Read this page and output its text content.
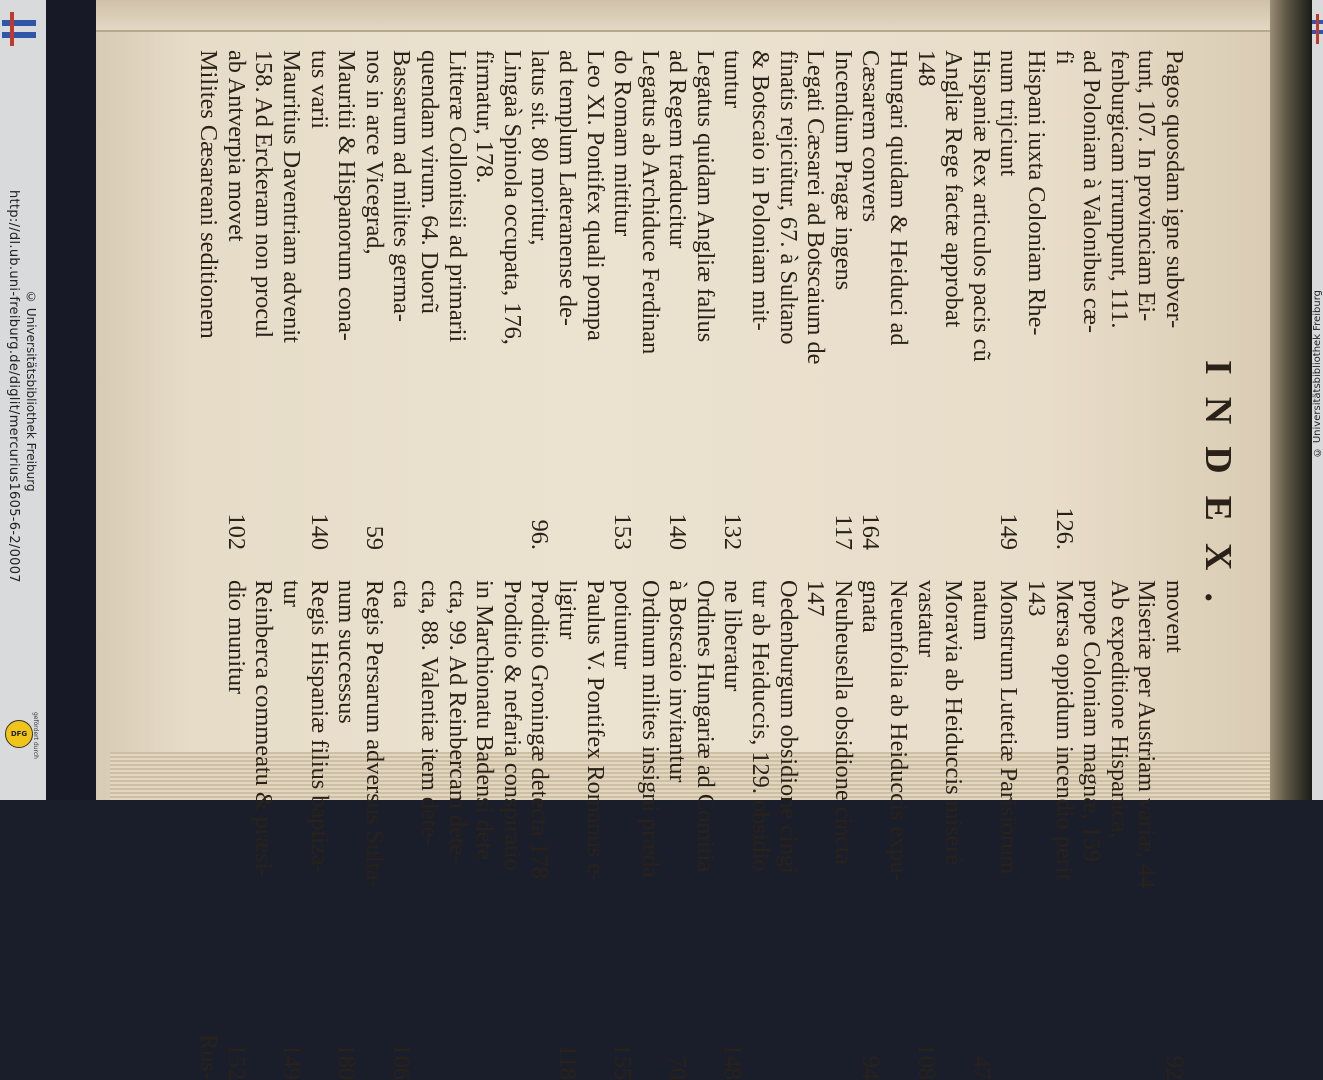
http://dl.ub.uni-freiburg.de/diglit/mercurius1605-6-2/0007 © Universitätsbibliothek Freiburg
DFG gefördert durch
© Universitätsbibliothek Freiburg
INDEX.
Pagos quosdam igne subver-
tunt, 107. In provinciam Ei-
fenburgicam irrumpunt, 111.
ad Poloniam à Valonibus cæ-
fi
126.
Hispani iuxta Coloniam Rhe-
num trijciunt
149
Hispaniæ Rex articulos pacis cũ
Angliæ Rege factæ approbat
148
Hungari quidam & Heiduci ad
Cæsarem convers
164
Incendium Pragæ ingens
117
Legati Cæsarei ad Botscaium de
finatis rejiciũtur, 67. à Sultano
& Botscaio in Poloniam mit-
tuntur
132
Legatus quidam Angliæ fallus
ad Regem traducitur
140
Legatus ab Archiduce Ferdinan
do Romam mittitur
153
Leo XI. Pontifex quali pompa
ad templum Lateranense de-
latus sit. 80 moritur,
96.
Lingaà Spinola occupata, 176,
firmatur, 178.
Litteræ Collonitsii ad primarii
quendam virum. 64. Duorũ
Bassarum ad milites germa-
nos in arce Vicegrad,
59
Mauritii & Hispanorum cona-
tus varii
140
Mauritius Daventriam advenit
158. Ad Erckeram non procul
ab Antverpia movet
102
Milites Cæsareani seditionem
movent
92
Miseriæ per Austriam variæ, 44
Ab expeditione Hispanica,
prope Coloniam magnæ, 159
Mœrsa oppidum incendio perit
143
Monstrum Lutetiæ Parisiorum
natum
47
Moravia ab Heiduccis miserè
vastatur
108
Neuenfolia ab Heiduccis expu-
gnata
94
Neuheusella obsidione cincta
147
Oedenburgum obsidione cingi
tur ab Heiduccis, 129. obsidio
ne liberatur
148
Ordines Hungariæ ad Comitia
à Botscaio invitantur
70
Ordinum milites insigni præda
potiuntur
155
Paulus V. Pontifex Romanus e-
ligitur
118
Proditio Groningæ detecta 178
Proditio & nefaria conspiratio
in Marchionatu Badensi dete
cta, 99. Ad Reinbercam dete-
cta, 88. Valentiæ item dete-
cta
106
Regis Persarum adversus Sulta-
num successus
180
Regis Hispaniæ filius baptiza-
tur
149
Reinberca commeatu & præsi-
dio munitur
152
Rus-
